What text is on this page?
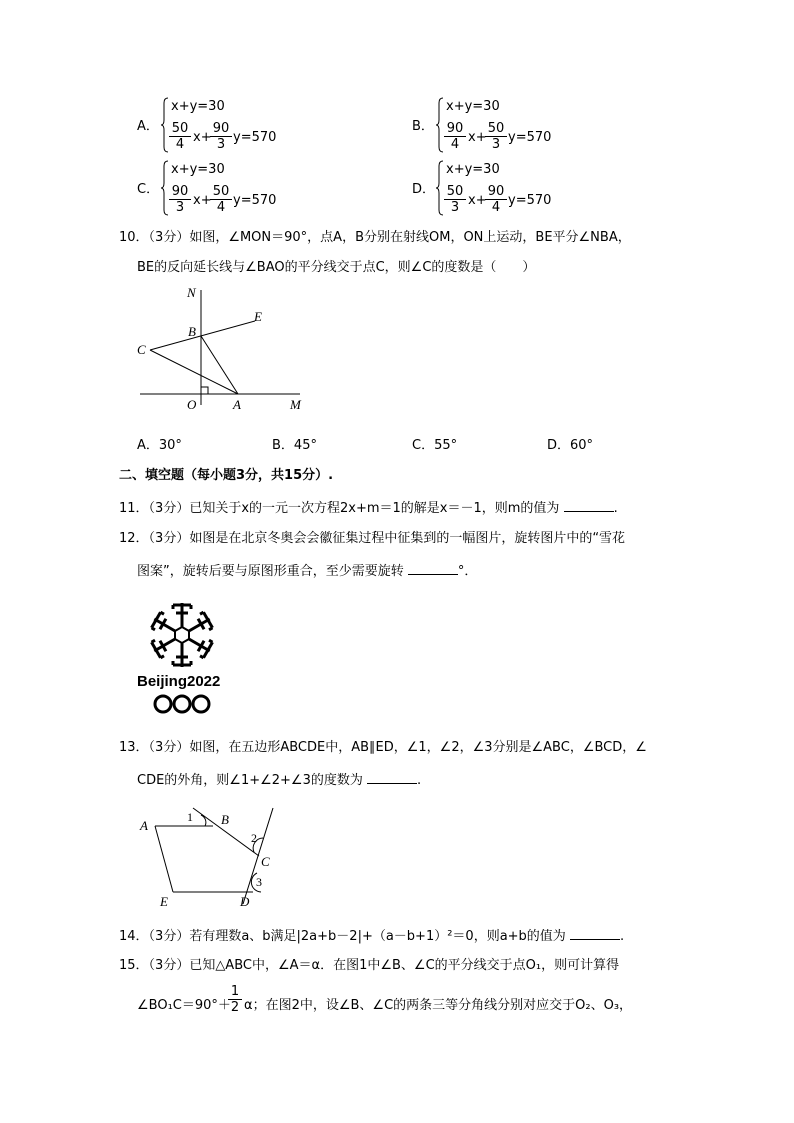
A．
x+y=30
$\frac{50}{4} x+$
$\frac{90}{3} y=570$
B．
x+y=30
$\frac{90}{4} x+$
$\frac{50}{3} y=570$
C．
x+y=30
$\frac{90}{3} x+$
$\frac{50}{4} y=570$
D．
x+y=30
$\frac{50}{3} x+$
$\frac{90}{4} y=570$
10．（3分）如图，∠MON＝90°，点A，B分别在射线OM，ON上运动，BE平分∠NBA，
BE的反向延长线与∠BAO的平分线交于点C，则∠C的度数是（　　）
N
E
B
C
O	A	M
A．30°	B．45°	C．55°	D．60°
二、填空题（每小题3分，共15分）.
11．（3分）已知关于x的一元一次方程2x+m＝1的解是x＝－1，则m的值为	.
12．（3分）如图是在北京冬奥会会徽征集过程中征集到的一幅图片，旋转图片中的“雪花
图案”，旋转后要与原图形重合，至少需要旋转	°．
Beijing2022
13．（3分）如图，在五边形ABCDE中，AB∥ED，∠1，∠2，∠3分别是∠ABC，∠BCD，∠
CDE的外角，则∠1+∠2+∠3的度数为	.
A	B
C
D
E
1
2
3
14．（3分）若有理数a、b满足|2a+b－2|+（a－b+1）²＝0，则a+b的值为	.
15．（3分）已知△ABC中，∠A＝α．在图1中∠B、∠C的平分线交于点O₁，则可计算得
∠BO₁C＝90°＋
$\frac{1}{2}$ α；在图2中，设∠B、∠C的两条三等分角线分别对应交于O₂、O₃，
